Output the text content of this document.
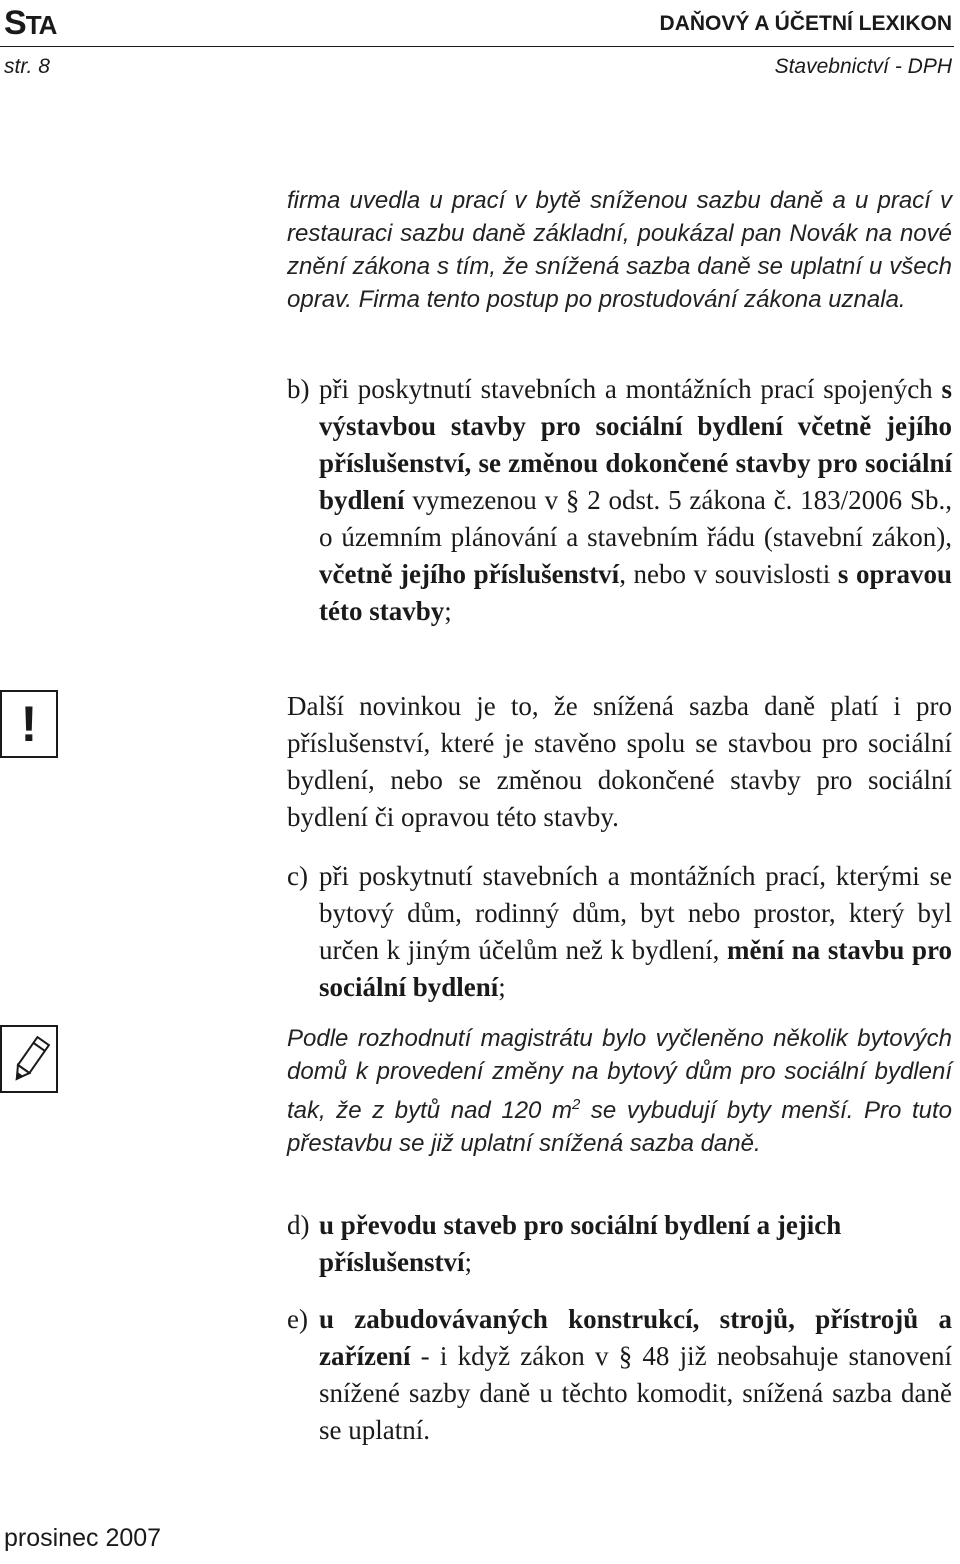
STA	DAŇOVÝ A ÚČETNÍ LEXIKON
str. 8	Stavebnictví - DPH
firma uvedla u prací v bytě sníženou sazbu daně a u prací v restauraci sazbu daně základní, poukázal pan Novák na nové znění zákona s tím, že snížená sazba daně se uplatní u všech oprav. Firma tento postup po prostudování zákona uznala.
b) při poskytnutí stavebních a montážních prací spojených s výstavbou stavby pro sociální bydlení včetně jejího příslušenství, se změnou dokončené stavby pro sociální bydlení vymezenou v § 2 odst. 5 zákona č. 183/2006 Sb., o územním plánování a stavebním řádu (stavební zákon), včetně jejího příslušenství, nebo v souvislosti s opravou této stavby;
!	Další novinkou je to, že snížená sazba daně platí i pro příslušenství, které je stavěno spolu se stavbou pro sociální bydlení, nebo se změnou dokončené stavby pro sociální bydlení či opravou této stavby.
c) při poskytnutí stavebních a montážních prací, kterými se bytový dům, rodinný dům, byt nebo prostor, který byl určen k jiným účelům než k bydlení, mění na stavbu pro sociální bydlení;
Podle rozhodnutí magistrátu bylo vyčleněno několik bytových domů k provedení změny na bytový dům pro sociální bydlení tak, že z bytů nad 120 $m^2$ se vybudují byty menší. Pro tuto přestavbu se již uplatní snížená sazba daně.
d) u převodu staveb pro sociální bydlení a jejich příslušenství;
e) u zabudovávaných konstrukcí, strojů, přístrojů a zařízení - i když zákon v § 48 již neobsahuje stanovení snížené sazby daně u těchto komodit, snížená sazba daně se uplatní.
prosinec 2007
